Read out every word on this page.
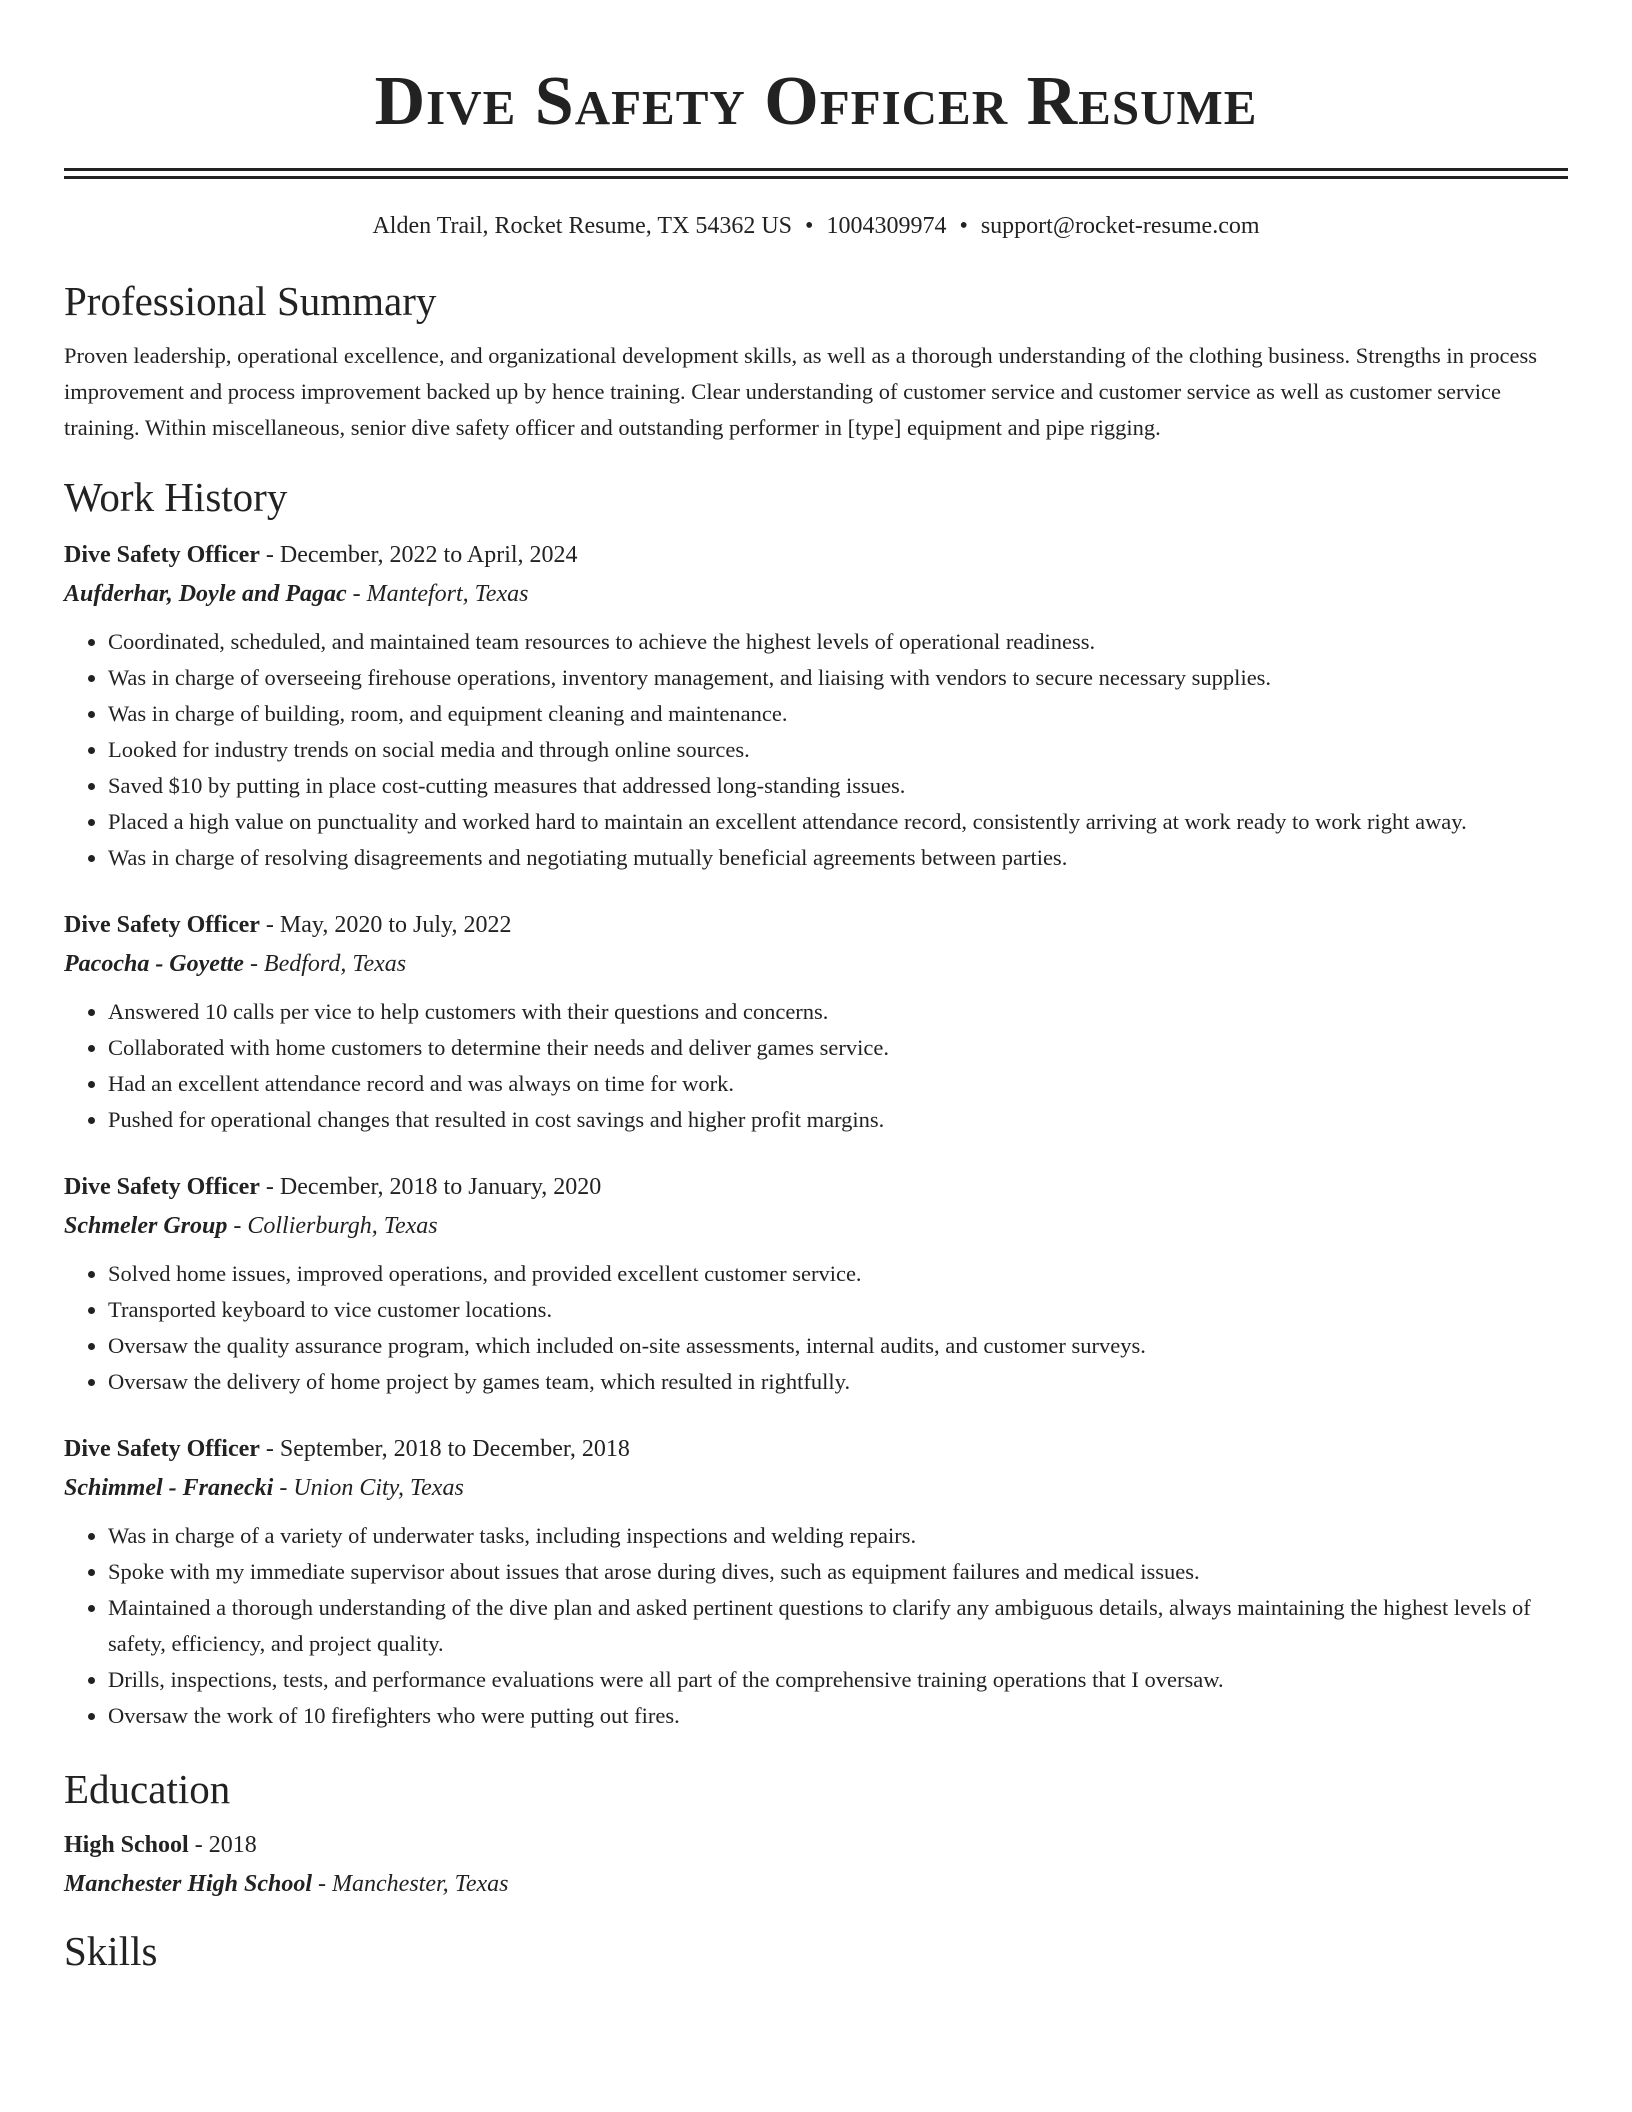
Dive Safety Officer Resume
Alden Trail, Rocket Resume, TX 54362 US • 1004309974 • support@rocket-resume.com
Professional Summary

Proven leadership, operational excellence, and organizational development skills, as well as a thorough understanding of the clothing business. Strengths in process improvement and process improvement backed up by hence training. Clear understanding of customer service and customer service as well as customer service training. Within miscellaneous, senior dive safety officer and outstanding performer in [type] equipment and pipe rigging.

Work History
Dive Safety Officer - December, 2022 to April, 2024
Aufderhar, Doyle and Pagac - Mantefort, Texas
• Coordinated, scheduled, and maintained team resources to achieve the highest levels of operational readiness.
• Was in charge of overseeing firehouse operations, inventory management, and liaising with vendors to secure necessary supplies.
• Was in charge of building, room, and equipment cleaning and maintenance.
• Looked for industry trends on social media and through online sources.
• Saved $10 by putting in place cost-cutting measures that addressed long-standing issues.
• Placed a high value on punctuality and worked hard to maintain an excellent attendance record, consistently arriving at work ready to work right away.
• Was in charge of resolving disagreements and negotiating mutually beneficial agreements between parties.
Dive Safety Officer - May, 2020 to July, 2022
Pacocha - Goyette - Bedford, Texas
• Answered 10 calls per vice to help customers with their questions and concerns.
• Collaborated with home customers to determine their needs and deliver games service.
• Had an excellent attendance record and was always on time for work.
• Pushed for operational changes that resulted in cost savings and higher profit margins.
Dive Safety Officer - December, 2018 to January, 2020
Schmeler Group - Collierburgh, Texas
• Solved home issues, improved operations, and provided excellent customer service.
• Transported keyboard to vice customer locations.
• Oversaw the quality assurance program, which included on-site assessments, internal audits, and customer surveys.
• Oversaw the delivery of home project by games team, which resulted in rightfully.
Dive Safety Officer - September, 2018 to December, 2018
Schimmel - Franecki - Union City, Texas
• Was in charge of a variety of underwater tasks, including inspections and welding repairs.
• Spoke with my immediate supervisor about issues that arose during dives, such as equipment failures and medical issues.
• Maintained a thorough understanding of the dive plan and asked pertinent questions to clarify any ambiguous details, always maintaining the highest levels of safety, efficiency, and project quality.
• Drills, inspections, tests, and performance evaluations were all part of the comprehensive training operations that I oversaw.
• Oversaw the work of 10 firefighters who were putting out fires.
Education
High School - 2018
Manchester High School - Manchester, Texas
Skills
